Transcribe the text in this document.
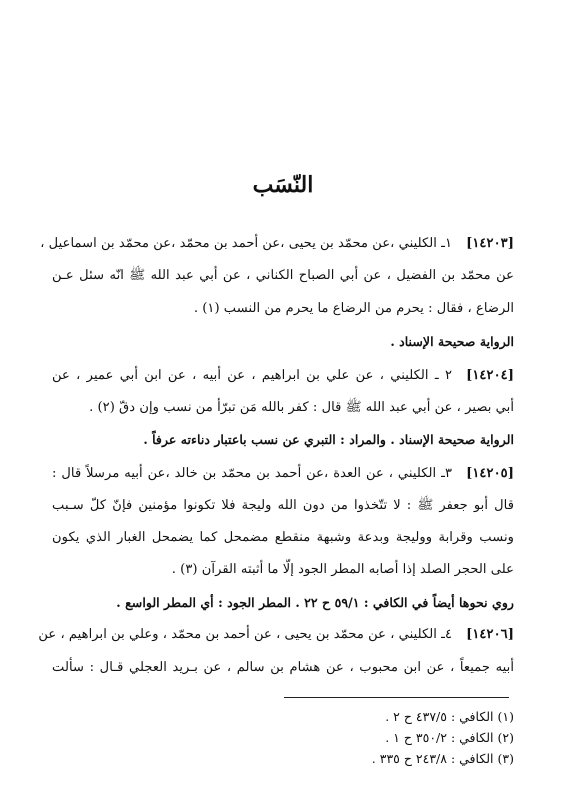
النّسَب
[١٤٢٠٣]١ـ الكليني ،عن محمّد بن يحيى ،عن أحمد بن محمّد ،عن محمّد بن اسماعيل ،
عن محمّد بن الفضيل ، عن أبي الصباح الكناني ، عن أبي عبد الله ﷺ انّه سئل عـن
الرضاع ، فقال : يحرم من الرضاع ما يحرم من النسب (١) .
الرواية صحيحة الإسناد .
[١٤٢٠٤]٢ ـ الكليني ، عن علي بن ابراهيم ، عن أبيه ، عن ابن أبي عمير ، عن
أبي بصير ، عن أبي عبد الله ﷺ قال : كفر بالله مَن تبرّأ من نسب وإن دقّ (٢) .
الرواية صحيحة الإسناد . والمراد : التبري عن نسب باعتبار دناءته عرفاً .
[١٤٢٠٥]٣ـ الكليني ، عن العدة ،عن أحمد بن محمّد بن خالد ،عن أبيه مرسلاً قال :
قال أبو جعفر ﷺ : لا تتّخذوا من دون الله وليجة فلا تكونوا مؤمنين فإنّ كلّ سـبب
ونسب وقرابة ووليجة وبدعة وشبهة منقطع مضمحل كما يضمحل الغبار الذي يكون
على الحجر الصلد إذا أصابه المطر الجود إلّا ما أثبته القرآن (٣) .
روي نحوها أيضاً في الكافي : ٥٩/١ ح ٢٢ . المطر الجود : أي المطر الواسع .
[١٤٢٠٦]٤ـ الكليني ، عن محمّد بن يحيى ، عن أحمد بن محمّد ، وعلي بن ابراهيم ، عن
أبيه جميعاً ، عن ابن محبوب ، عن هشام بن سالم ، عن بـريد العجلي قـال : سألت
(١) الكافي : ٤٣٧/٥ ح ٢ .
(٢) الكافي : ٣٥٠/٢ ح ١ .
(٣) الكافي : ٢٤٣/٨ ح ٣٣٥ .
